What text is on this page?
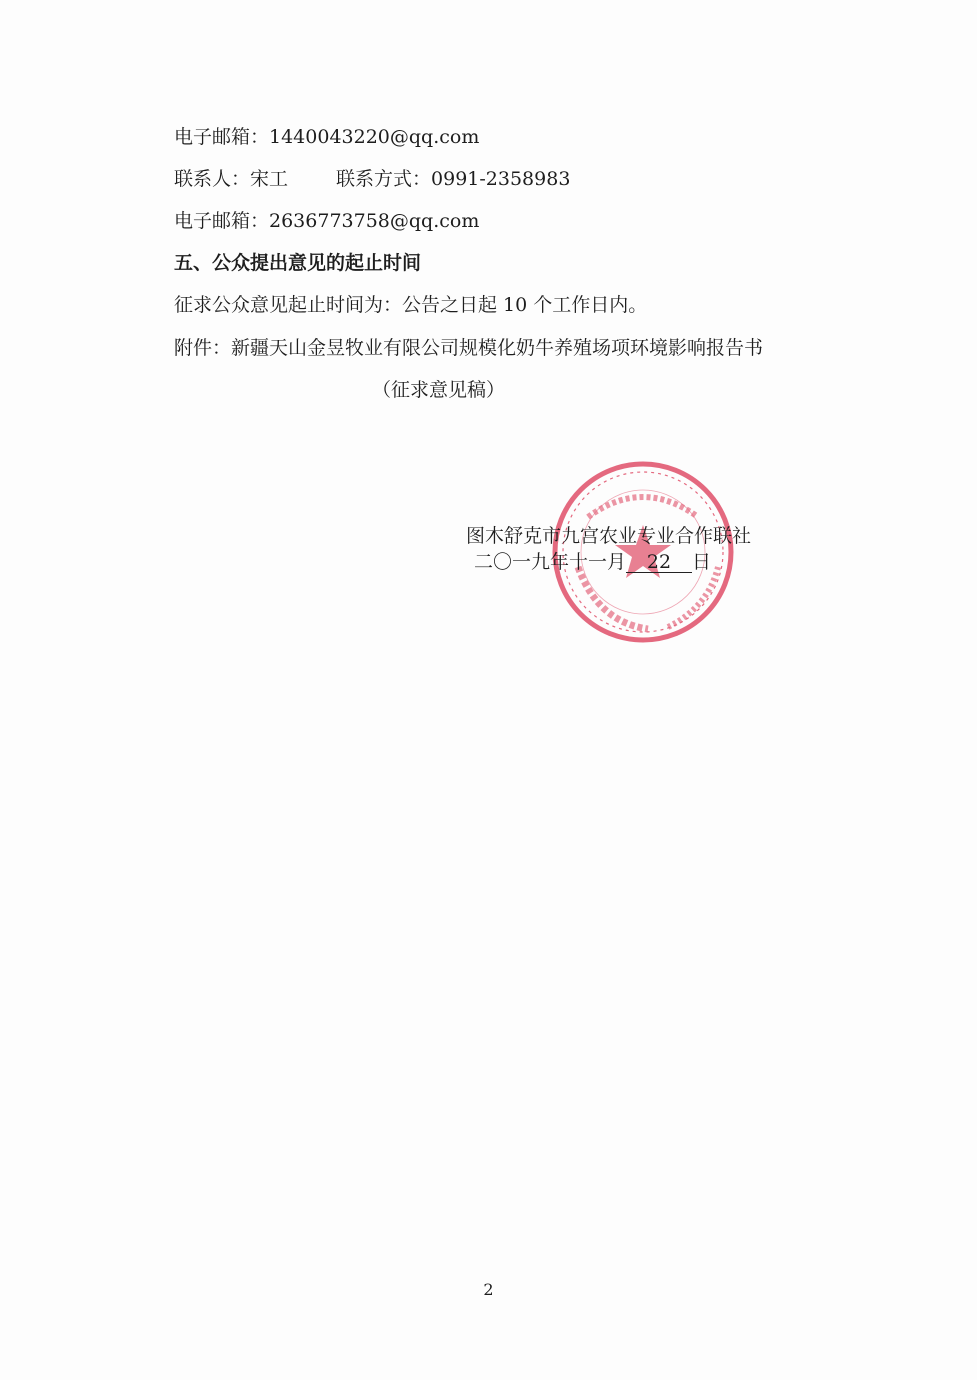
电子邮箱：1440043220@qq.com
联系人：宋工	联系方式：0991-2358983
电子邮箱：2636773758@qq.com
五、公众提出意见的起止时间
征求公众意见起止时间为：公告之日起 10 个工作日内。
附件：新疆天山金昱牧业有限公司规模化奶牛养殖场项环境影响报告书
（征求意见稿）
图木舒克市九宫农业专业合作联社
二〇一九年十一月 22 日
2
